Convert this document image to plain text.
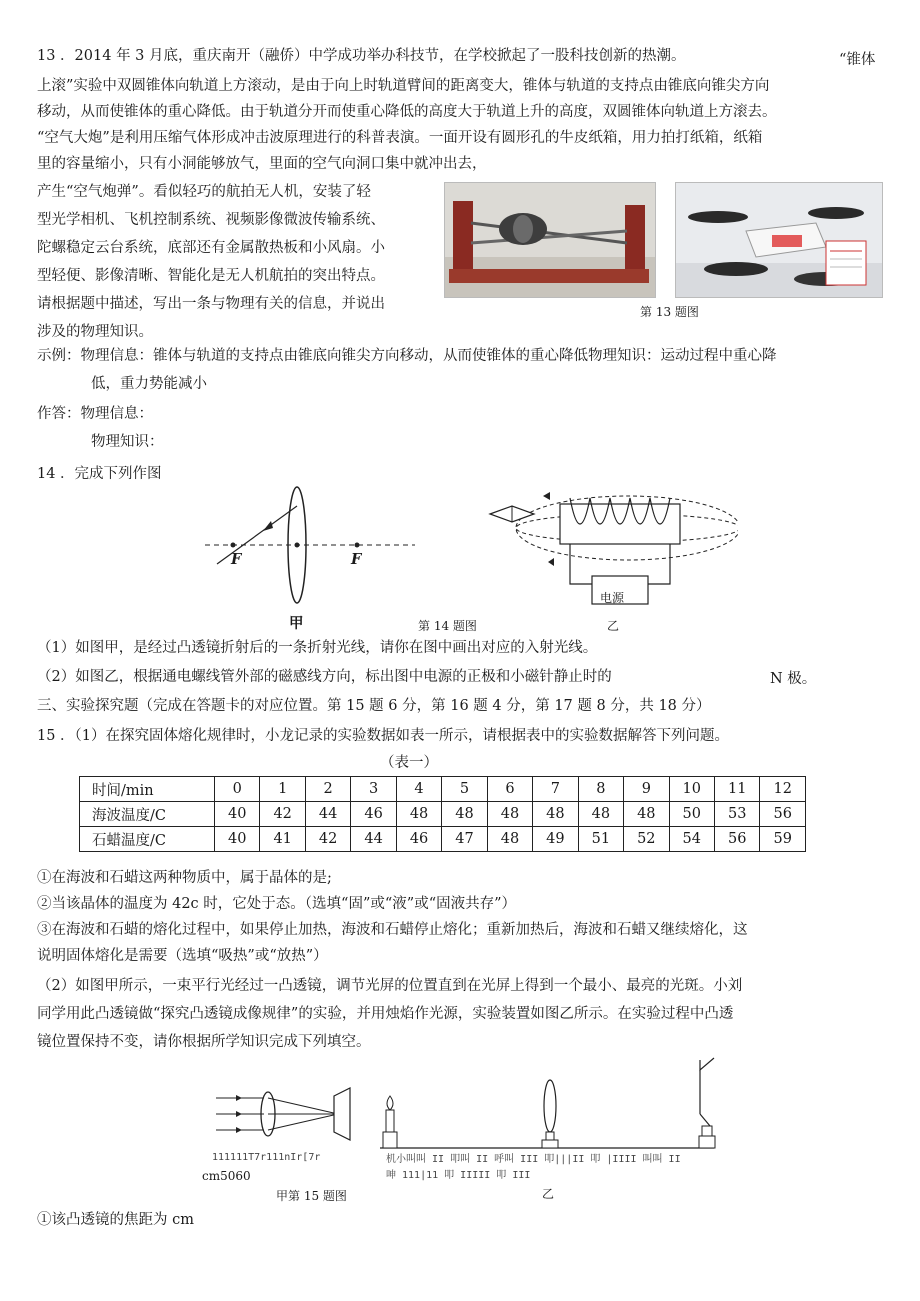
13 ．2014 年 3 月底，重庆南开（融侨）中学成功举办科技节，在学校掀起了一股科技创新的热潮。	“锥体
上滚”实验中双圆锥体向轨道上方滚动，是由于向上时轨道臂间的距离变大，锥体与轨道的支持点由锥底向锥尖方向
移动，从而使锥体的重心降低。由于轨道分开而使重心降低的高度大于轨道上升的高度，双圆锥体向轨道上方滚去。
“空气大炮”是利用压缩气体形成冲击波原理进行的科普表演。一面开设有圆形孔的牛皮纸箱，用力拍打纸箱，纸箱
里的容量缩小，只有小洞能够放气，里面的空气向洞口集中就冲出去，
产生“空气炮弹”。看似轻巧的航拍无人机，安装了轻
型光学相机、飞机控制系统、视频影像微波传输系统、
陀螺稳定云台系统，底部还有金属散热板和小风扇。小
型轻便、影像清晰、智能化是无人机航拍的突出特点。
请根据题中描述，写出一条与物理有关的信息，并说出
涉及的物理知识。
第 13 题图
示例：物理信息：锥体与轨道的支持点由锥底向锥尖方向移动，从而使锥体的重心降低物理知识：运动过程中重心降
低，重力势能减小
作答：物理信息：
物理知识：
14 ．完成下列作图
F	F
甲
电源
第 14 题图	乙
（1）如图甲，是经过凸透镜折射后的一条折射光线，请你在图中画出对应的入射光线。
（2）如图乙，根据通电螺线管外部的磁感线方向，标出图中电源的正极和小磁针静止时的	N 极。
三、实验探究题（完成在答题卡的对应位置。第 15 题 6 分，第 16 题 4 分，第 17 题 8 分，共 18 分）
15 ．（1）在探究固体熔化规律时，小龙记录的实验数据如表一所示，请根据表中的实验数据解答下列问题。
（表一）
时间/min	0	1	2	3	4	5	6	7	8	9	10	11	12
海波温度/C	40	42	44	46	48	48	48	48	48	48	50	53	56
石蜡温度/C	40	41	42	44	46	47	48	49	51	52	54	56	59
①在海波和石蜡这两种物质中，属于晶体的是;
②当该晶体的温度为 42c 时，它处于态。（选填“固”或“液”或“固液共存”）
③在海波和石蜡的熔化过程中，如果停止加热，海波和石蜡停止熔化；重新加热后，海波和石蜡又继续熔化，这
说明固体熔化是需要（选填“吸热”或“放热”）
（2）如图甲所示，一束平行光经过一凸透镜，调节光屏的位置直到在光屏上得到一个最小、最亮的光斑。小刘
同学用此凸透镜做“探究凸透镜成像规律”的实验，并用烛焰作光源，实验装置如图乙所示。在实验过程中凸透
镜位置保持不变，请你根据所学知识完成下列填空。
111111T7r111nIr[7r
cm5060
甲第 15 题图
机小叫叫 II 叩叫 II 呼叫 III 叩|||II 叩 |IIII 叫叫 II
呻 111|11 叩 IIIII 叩 III
乙
①该凸透镜的焦距为 cm
